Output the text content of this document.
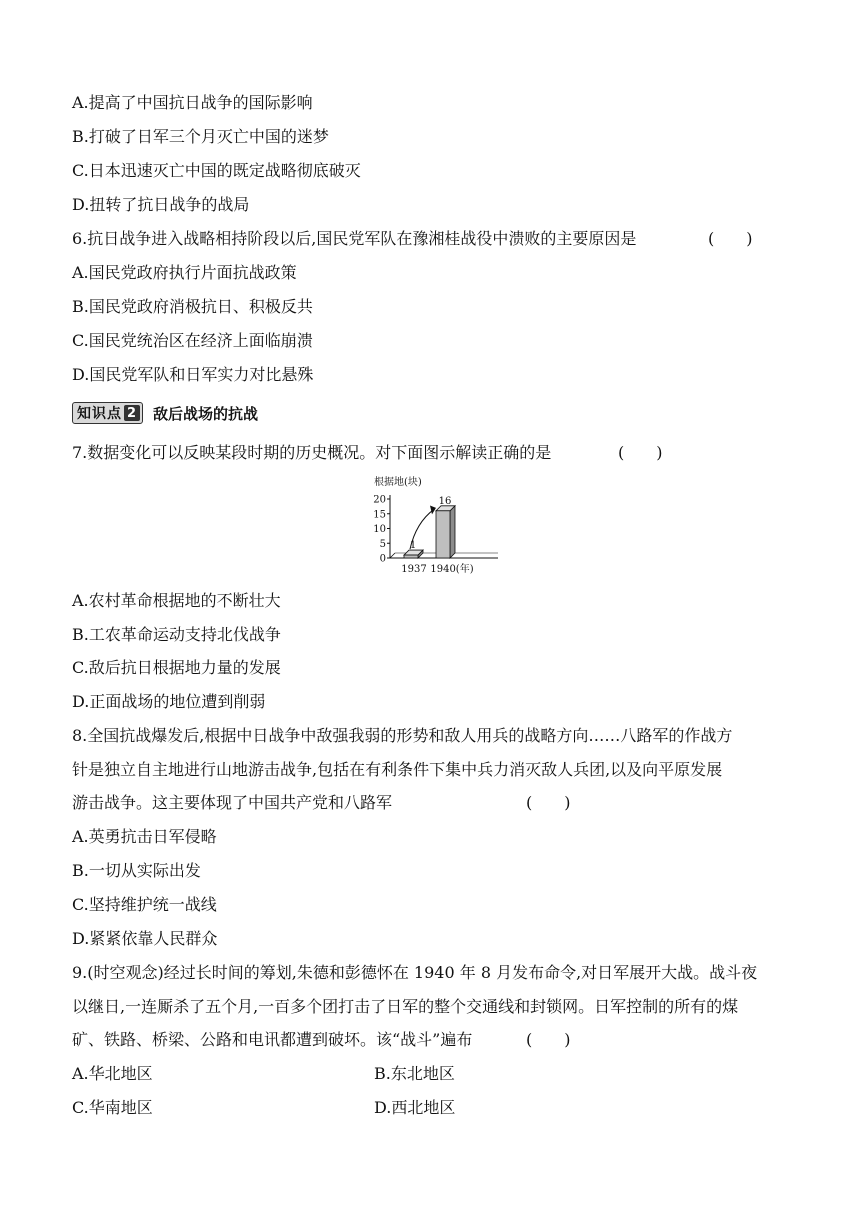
A.提高了中国抗日战争的国际影响
B.打破了日军三个月灭亡中国的迷梦
C.日本迅速灭亡中国的既定战略彻底破灭
D.扭转了抗日战争的战局
6.抗日战争进入战略相持阶段以后,国民党军队在豫湘桂战役中溃败的主要原因是	(　　)
A.国民党政府执行片面抗战政策
B.国民党政府消极抗日、积极反共
C.国民党统治区在经济上面临崩溃
D.国民党军队和日军实力对比悬殊
知识点 2 敌后战场的抗战
7.数据变化可以反映某段时期的历史概况。对下面图示解读正确的是	(　　)
根据地(块)
0
5
10
15
20
1
1937
16
1940(年)
A.农村革命根据地的不断壮大
B.工农革命运动支持北伐战争
C.敌后抗日根据地力量的发展
D.正面战场的地位遭到削弱
8.全国抗战爆发后,根据中日战争中敌强我弱的形势和敌人用兵的战略方向……八路军的作战方
针是独立自主地进行山地游击战争,包括在有利条件下集中兵力消灭敌人兵团,以及向平原发展
游击战争。这主要体现了中国共产党和八路军	(　　)
A.英勇抗击日军侵略
B.一切从实际出发
C.坚持维护统一战线
D.紧紧依靠人民群众
9.(时空观念)经过长时间的筹划,朱德和彭德怀在 1940 年 8 月发布命令,对日军展开大战。战斗夜
以继日,一连厮杀了五个月,一百多个团打击了日军的整个交通线和封锁网。日军控制的所有的煤
矿、铁路、桥梁、公路和电讯都遭到破坏。该“战斗”遍布	(　　)
A.华北地区	B.东北地区
C.华南地区	D.西北地区
